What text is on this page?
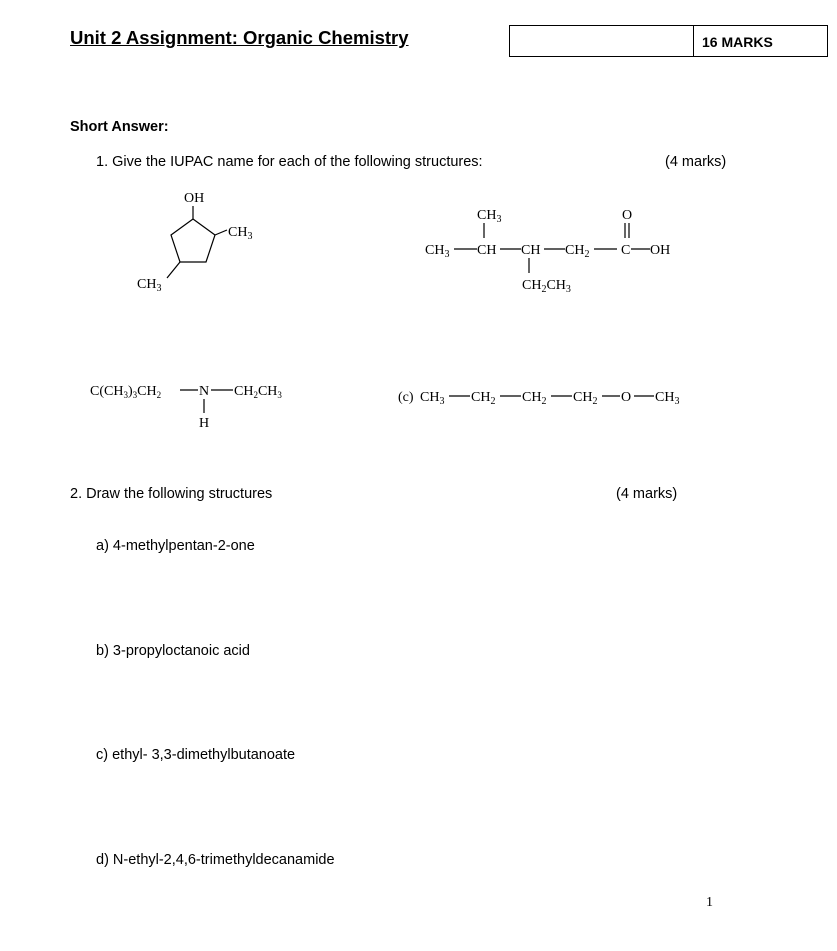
Unit 2 Assignment: Organic Chemistry	16 MARKS
Short Answer:
1. Give the IUPAC name for each of the following structures:	(4 marks)
OH
$CH_3$
$CH_3$
$CH_3$	O
$CH_3$ CH CH $CH_2$ C OH
$CH_2CH_3$
$C(CH_3)_3CH_2$	N $CH_2CH_3$
H
(c) $CH_3$ $CH_2$ $CH_2$ $CH_2$ O $CH_3$
2. Draw the following structures	(4 marks)
a) 4-methylpentan-2-one
b) 3-propyloctanoic acid
c) ethyl- 3,3-dimethylbutanoate
d) N-ethyl-2,4,6-trimethyldecanamide
1
